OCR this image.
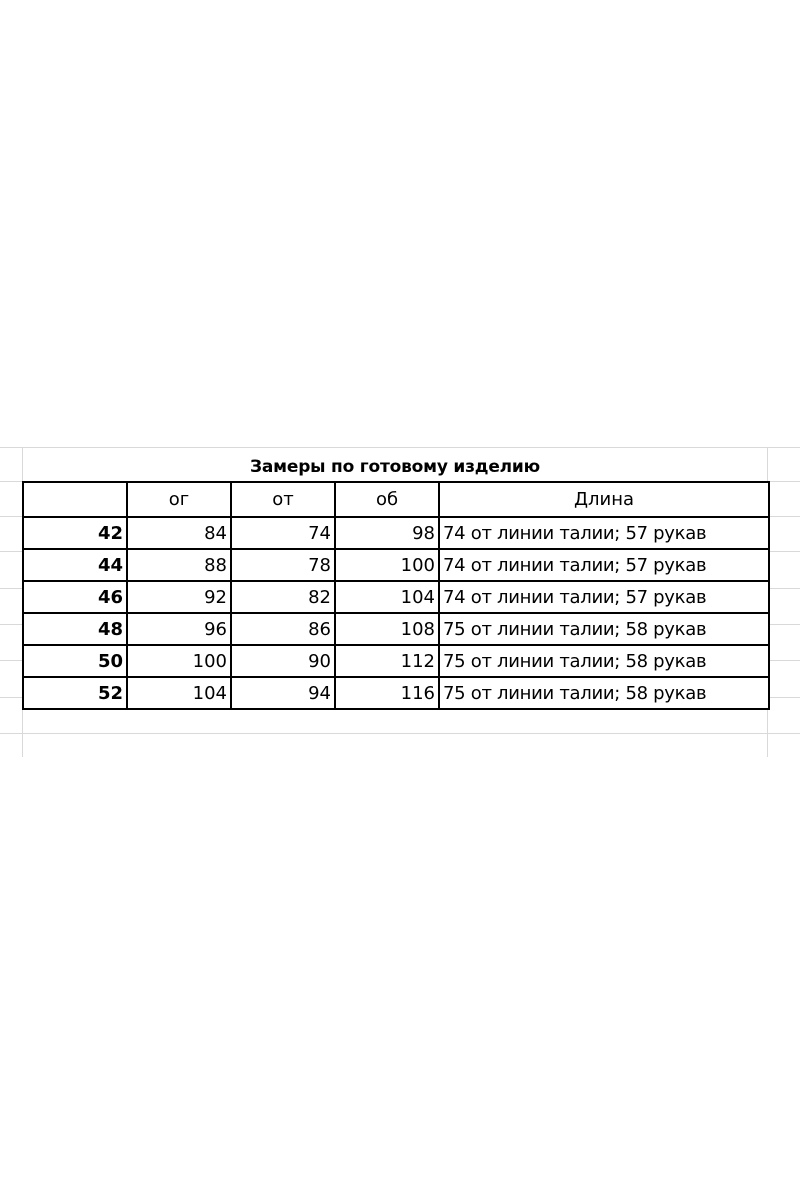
Замеры по готовому изделию
	ог	от	об	Длина
42	84	74	98	74 от линии талии; 57 рукав
44	88	78	100	74 от линии талии; 57 рукав
46	92	82	104	74 от линии талии; 57 рукав
48	96	86	108	75 от линии талии; 58 рукав
50	100	90	112	75 от линии талии; 58 рукав
52	104	94	116	75 от линии талии; 58 рукав
